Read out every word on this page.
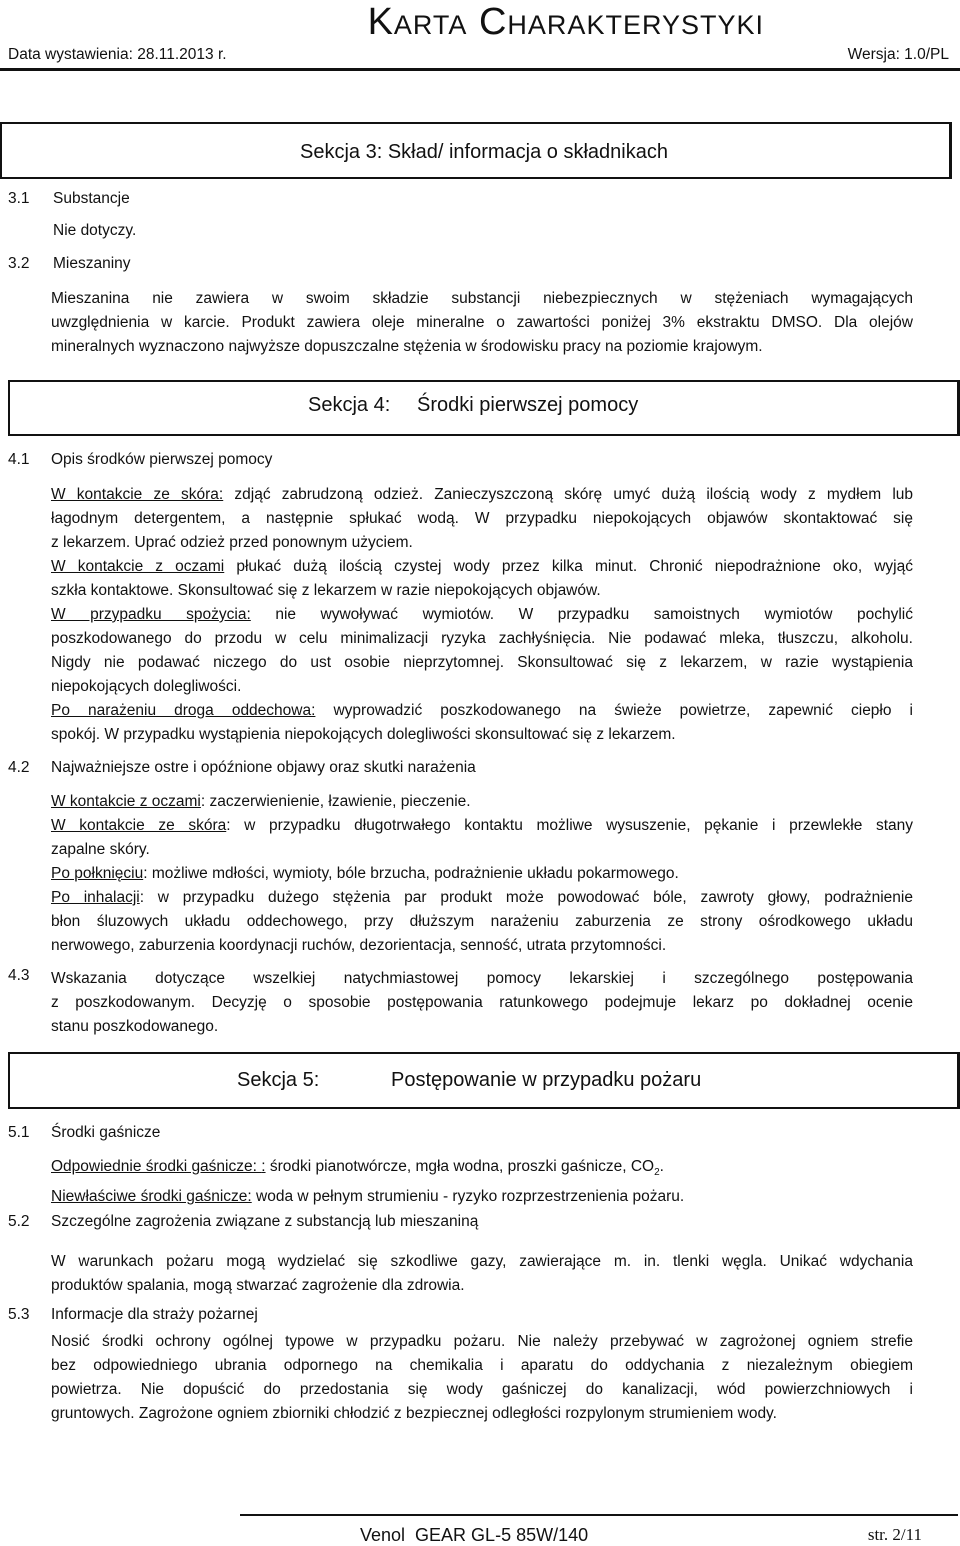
Karta Charakterystyki
Data wystawienia: 28.11.2013 r.	Wersja: 1.0/PL
Sekcja 3: Skład/ informacja o składnikach
3.1 Substancje
Nie dotyczy.
3.2 Mieszaniny
Mieszanina nie zawiera w swoim składzie substancji niebezpiecznych w stężeniach wymagających
uwzględnienia w karcie. Produkt zawiera oleje mineralne o zawartości poniżej 3% ekstraktu DMSO. Dla olejów
mineralnych wyznaczono najwyższe dopuszczalne stężenia w środowisku pracy na poziomie krajowym.
Sekcja 4: Środki pierwszej pomocy
4.1 Opis środków pierwszej pomocy
W kontakcie ze skóra: zdjąć zabrudzoną odzież. Zanieczyszczoną skórę umyć dużą ilością wody z mydłem lub
łagodnym detergentem, a następnie spłukać wodą. W przypadku niepokojących objawów skontaktować się
z lekarzem. Uprać odzież przed ponownym użyciem.
W kontakcie z oczami płukać dużą ilością czystej wody przez kilka minut. Chronić niepodrażnione oko, wyjąć
szkła kontaktowe. Skonsultować się z lekarzem w razie niepokojących objawów.
W przypadku spożycia: nie wywoływać wymiotów. W przypadku samoistnych wymiotów pochylić
poszkodowanego do przodu w celu minimalizacji ryzyka zachłyśnięcia. Nie podawać mleka, tłuszczu, alkoholu.
Nigdy nie podawać niczego do ust osobie nieprzytomnej. Skonsultować się z lekarzem, w razie wystąpienia
niepokojących dolegliwości.
Po narażeniu droga oddechowa: wyprowadzić poszkodowanego na świeże powietrze, zapewnić ciepło i
spokój. W przypadku wystąpienia niepokojących dolegliwości skonsultować się z lekarzem.
4.2 Najważniejsze ostre i opóźnione objawy oraz skutki narażenia
W kontakcie z oczami: zaczerwienienie, łzawienie, pieczenie.
W kontakcie ze skóra: w przypadku długotrwałego kontaktu możliwe wysuszenie, pękanie i przewlekłe stany
zapalne skóry.
Po połknięciu: możliwe mdłości, wymioty, bóle brzucha, podrażnienie układu pokarmowego.
Po inhalacji: w przypadku dużego stężenia par produkt może powodować bóle, zawroty głowy, podrażnienie
błon śluzowych układu oddechowego, przy dłuższym narażeniu zaburzenia ze strony ośrodkowego układu
nerwowego, zaburzenia koordynacji ruchów, dezorientacja, senność, utrata przytomności.
4.3 Wskazania dotyczące wszelkiej natychmiastowej pomocy lekarskiej i szczególnego postępowania
z poszkodowanym. Decyzję o sposobie postępowania ratunkowego podejmuje lekarz po dokładnej ocenie
stanu poszkodowanego.
Sekcja 5:	Postępowanie w przypadku pożaru
5.1 Środki gaśnicze
Odpowiednie środki gaśnicze: : środki pianotwórcze, mgła wodna, proszki gaśnicze, $CO_2$.
Niewłaściwe środki gaśnicze: woda w pełnym strumieniu - ryzyko rozprzestrzenienia pożaru.
5.2 Szczególne zagrożenia związane z substancją lub mieszaniną
W warunkach pożaru mogą wydzielać się szkodliwe gazy, zawierające m. in. tlenki węgla. Unikać wdychania
produktów spalania, mogą stwarzać zagrożenie dla zdrowia.
5.3 Informacje dla straży pożarnej
Nosić środki ochrony ogólnej typowe w przypadku pożaru. Nie należy przebywać w zagrożonej ogniem strefie
bez odpowiedniego ubrania odpornego na chemikalia i aparatu do oddychania z niezależnym obiegiem
powietrza. Nie dopuścić do przedostania się wody gaśniczej do kanalizacji, wód powierzchniowych i
gruntowych. Zagrożone ogniem zbiorniki chłodzić z bezpiecznej odległości rozpylonym strumieniem wody.
Venol  GEAR GL-5 85W/140	str. 2/11
